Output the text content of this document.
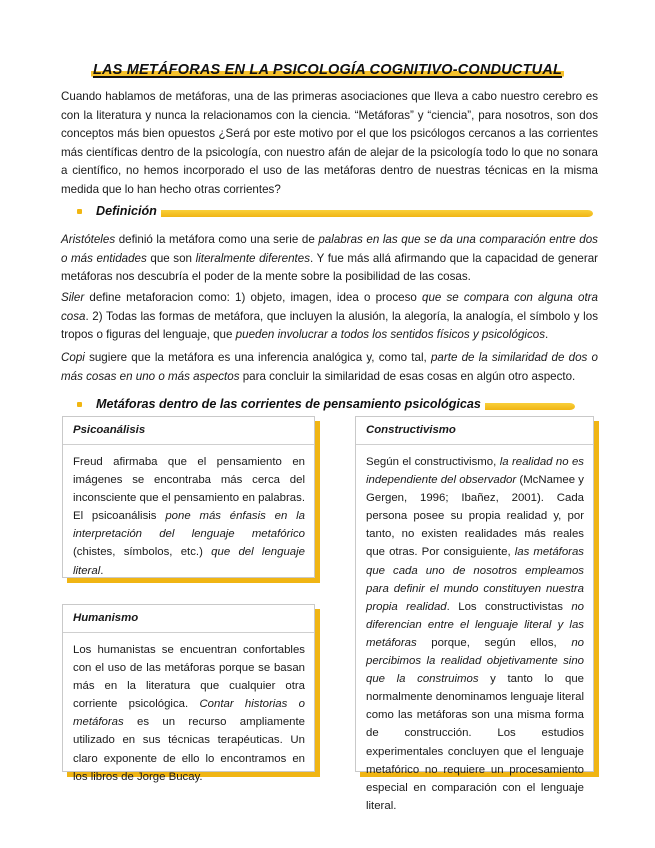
LAS METÁFORAS EN LA PSICOLOGÍA COGNITIVO-CONDUCTUAL

Cuando hablamos de metáforas, una de las primeras asociaciones que lleva a cabo nuestro cerebro es con la literatura y nunca la relacionamos con la ciencia. “Metáforas” y “ciencia”, para nosotros, son dos conceptos más bien opuestos ¿Será por este motivo por el que los psicólogos cercanos a las corrientes más científicas dentro de la psicología, con nuestro afán de alejar de la psicología todo lo que no sonara a científico, no hemos incorporado el uso de las metáforas dentro de nuestras técnicas en la misma medida que lo han hecho otras corrientes?

Definición

Aristóteles definió la metáfora como una serie de palabras en las que se da una comparación entre dos o más entidades que son literalmente diferentes. Y fue más allá afirmando que la capacidad de generar metáforas nos descubría el poder de la mente sobre la posibilidad de las cosas.

Siler define metaforacion como: 1) objeto, imagen, idea o proceso que se compara con alguna otra cosa. 2) Todas las formas de metáfora, que incluyen la alusión, la alegoría, la analogía, el símbolo y los tropos o figuras del lenguaje, que pueden involucrar a todos los sentidos físicos y psicológicos.

Copi sugiere que la metáfora es una inferencia analógica y, como tal, parte de la similaridad de dos o más cosas en uno o más aspectos para concluir la similaridad de esas cosas en algún otro aspecto.

Metáforas dentro de las corrientes de pensamiento psicológicas
Psicoanálisis

Freud afirmaba que el pensamiento en imágenes se encontraba más cerca del inconsciente que el pensamiento en palabras. El psicoanálisis pone más énfasis en la interpretación del lenguaje metafórico (chistes, símbolos, etc.) que del lenguaje literal.

Humanismo

Los humanistas se encuentran confortables con el uso de las metáforas porque se basan más en la literatura que cualquier otra corriente psicológica. Contar historias o metáforas es un recurso ampliamente utilizado en sus técnicas terapéuticas. Un claro exponente de ello lo encontramos en los libros de Jorge Bucay.

Constructivismo

Según el constructivismo, la realidad no es independiente del observador (McNamee y Gergen, 1996; Ibañez, 2001). Cada persona posee su propia realidad y, por tanto, no existen realidades más reales que otras. Por consiguiente, las metáforas que cada uno de nosotros empleamos para definir el mundo constituyen nuestra propia realidad. Los constructivistas no diferencian entre el lenguaje literal y las metáforas porque, según ellos, no percibimos la realidad objetivamente sino que la construimos y tanto lo que normalmente denominamos lenguaje literal como las metáforas son una misma forma de construcción. Los estudios experimentales concluyen que el lenguaje metafórico no requiere un procesamiento especial en comparación con el lenguaje literal.
